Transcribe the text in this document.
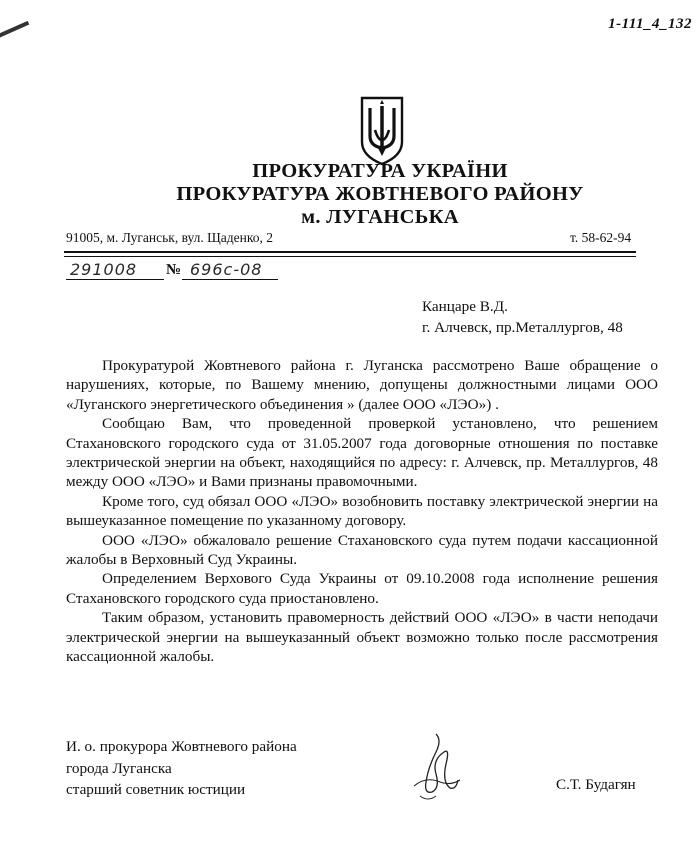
1-111_4_132
ПРОКУРАТУРА УКРАЇНИ
ПРОКУРАТУРА ЖОВТНЕВОГО РАЙОНУ
м. ЛУГАНСЬКА
91005, м. Луганськ, вул. Щаденко, 2	т. 58-62-94
291008 № 696с-08
Канцаре В.Д.
г. Алчевск, пр.Металлургов, 48

Прокуратурой Жовтневого района г. Луганска рассмотрено Ваше обращение о нарушениях, которые, по Вашему мнению, допущены должностными лицами ООО «Луганского энергетического объединения » (далее ООО «ЛЭО») .

Сообщаю Вам, что проведенной проверкой установлено, что решением Стахановского городского суда от 31.05.2007 года договорные отношения по поставке электрической энергии на объект, находящийся по адресу: г. Алчевск, пр. Металлургов, 48 между ООО «ЛЭО» и Вами признаны правомочными.

Кроме того, суд обязал ООО «ЛЭО» возобновить поставку электрической энергии на вышеуказанное помещение по указанному договору.

ООО «ЛЭО» обжаловало решение Стахановского суда путем подачи кассационной жалобы в Верховный Суд Украины.

Определением Верхового Суда Украины от 09.10.2008 года исполнение решения Стахановского городского суда приостановлено.

Таким образом, установить правомерность действий ООО «ЛЭО» в части неподачи электрической энергии на вышеуказанный объект возможно только после рассмотрения кассационной жалобы.

И. о. прокурора Жовтневого района
города Луганска
старший советник юстиции	С.Т. Будагян
